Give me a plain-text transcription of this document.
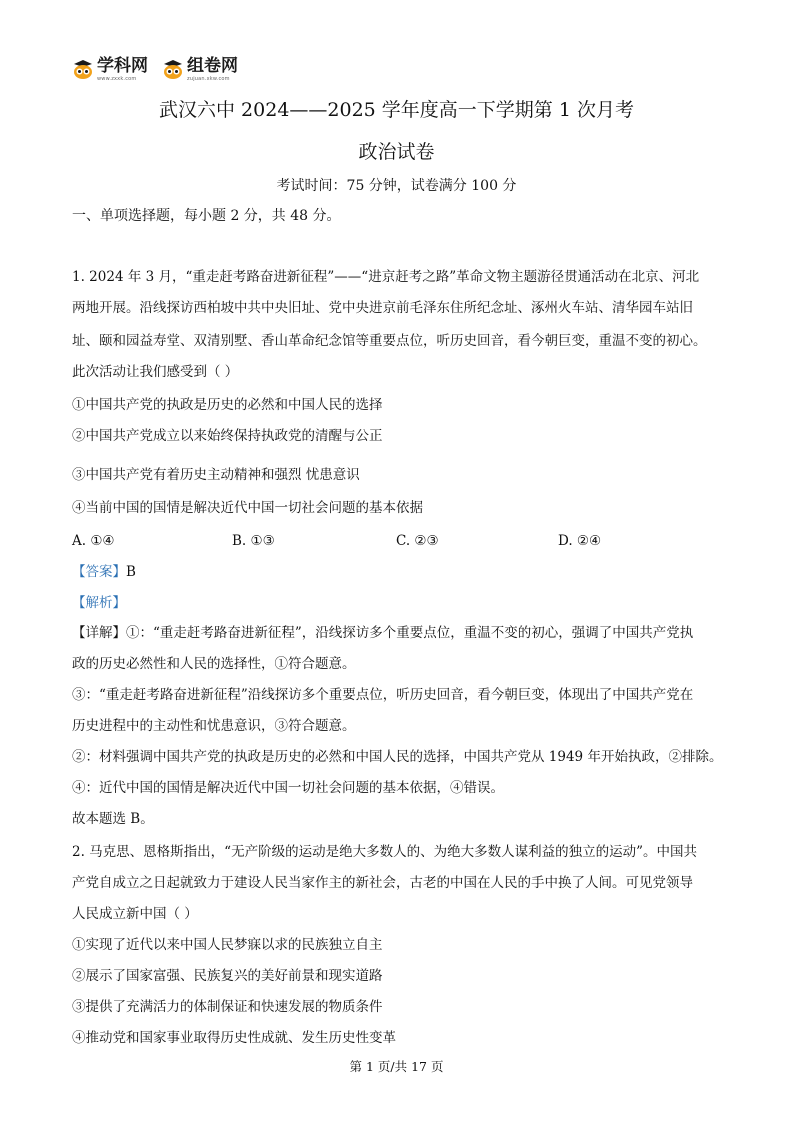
学科网
www.zxxk.com
组卷网
zujuan.xkw.com
武汉六中 2024——2025 学年度高一下学期第 1 次月考
政治试卷
考试时间：75 分钟，试卷满分 100 分
一、单项选择题，每小题 2 分，共 48 分。
1. 2024 年 3 月，“重走赶考路奋进新征程”——“进京赶考之路”革命文物主题游径贯通活动在北京、河北
两地开展。沿线探访西柏坡中共中央旧址、党中央进京前毛泽东住所纪念址、涿州火车站、清华园车站旧
址、颐和园益寿堂、双清别墅、香山革命纪念馆等重要点位，听历史回音，看今朝巨变，重温不变的初心。
此次活动让我们感受到（ ）
①中国共产党的执政是历史的必然和中国人民的选择
②中国共产党成立以来始终保持执政党的清醒与公正
③中国共产党有着历史主动精神和强烈 忧患意识
④当前中国的国情是解决近代中国一切社会问题的基本依据
A. ①④	B. ①③	C. ②③	D. ②④
【答案】B
【解析】
【详解】①：“重走赶考路奋进新征程”，沿线探访多个重要点位，重温不变的初心，强调了中国共产党执
政的历史必然性和人民的选择性，①符合题意。
③：“重走赶考路奋进新征程”沿线探访多个重要点位，听历史回音，看今朝巨变，体现出了中国共产党在
历史进程中的主动性和忧患意识，③符合题意。
②：材料强调中国共产党的执政是历史的必然和中国人民的选择，中国共产党从 1949 年开始执政，②排除。
④：近代中国的国情是解决近代中国一切社会问题的基本依据，④错误。
故本题选 B。
2. 马克思、恩格斯指出，“无产阶级的运动是绝大多数人的、为绝大多数人谋利益的独立的运动”。中国共
产党自成立之日起就致力于建设人民当家作主的新社会，古老的中国在人民的手中换了人间。可见党领导
人民成立新中国（ ）
①实现了近代以来中国人民梦寐以求的民族独立自主
②展示了国家富强、民族复兴的美好前景和现实道路
③提供了充满活力的体制保证和快速发展的物质条件
④推动党和国家事业取得历史性成就、发生历史性变革
第 1 页/共 17 页
